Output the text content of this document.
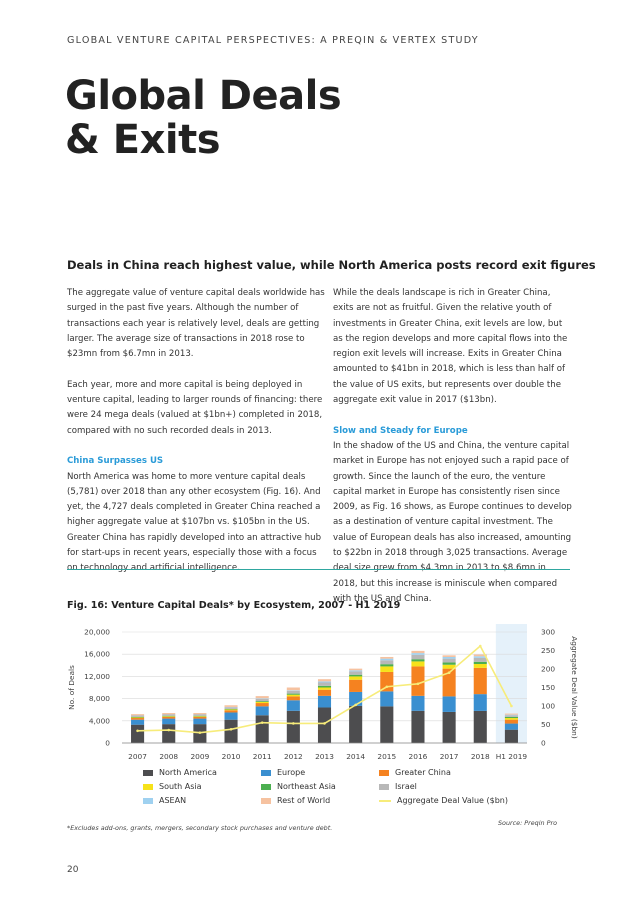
GLOBAL VENTURE CAPITAL PERSPECTIVES: A PREQIN & VERTEX STUDY
Global Deals
& Exits
Deals in China reach highest value, while North America posts record exit figures

The aggregate value of venture capital deals worldwide has surged in the past five years. Although the number of transactions each year is relatively level, deals are getting larger. The average size of transactions in 2018 rose to $23mn from $6.7mn in 2013.

Each year, more and more capital is being deployed in venture capital, leading to larger rounds of financing: there were 24 mega deals (valued at $1bn+) completed in 2018, compared with no such recorded deals in 2013.

China Surpasses US

North America was home to more venture capital deals (5,781) over 2018 than any other ecosystem (Fig. 16). And yet, the 4,727 deals completed in Greater China reached a higher aggregate value at $107bn vs. $105bn in the US. Greater China has rapidly developed into an attractive hub for start-ups in recent years, especially those with a focus

While the deals landscape is rich in Greater China, exits are not as fruitful. Given the relative youth of investments in Greater China, exit levels are low, but as the region develops and more capital flows into the region exit levels will increase. Exits in Greater China amounted to $41bn in 2018, which is less than half of the value of US exits, but represents over double the aggregate exit value in 2017 ($13bn).

Slow and Steady for Europe

In the shadow of the US and China, the venture capital market in Europe has not enjoyed such a rapid pace of growth. Since the launch of the euro, the venture capital market in Europe has consistently risen since 2009, as Fig. 16 shows, as Europe continues to develop as a destination of venture capital investment. The value of European deals has also increased, amounting to $22bn in 2018 through 3,025 transactions. Average 2018, but this increase is miniscule when compared with the US and China.

Fig. 16: Venture Capital Deals* by Ecosystem, 2007 - H1 2019
0
4,000
8,000
12,000
16,000
20,000
0
50
100
150
200
250
300
No. of Deals	Aggregate Deal Value ($bn)
2007 2008 2009 2010 2011 2012 2013 2014 2015 2016 2017 2018 H1 2019
North America	Europe	Greater China
South Asia	Northeast Asia	Israel
ASEAN	Rest of World	Aggregate Deal Value ($bn)
*Excludes add-ons, grants, mergers, secondary stock purchases and venture debt.
Source: Preqin Pro
20
